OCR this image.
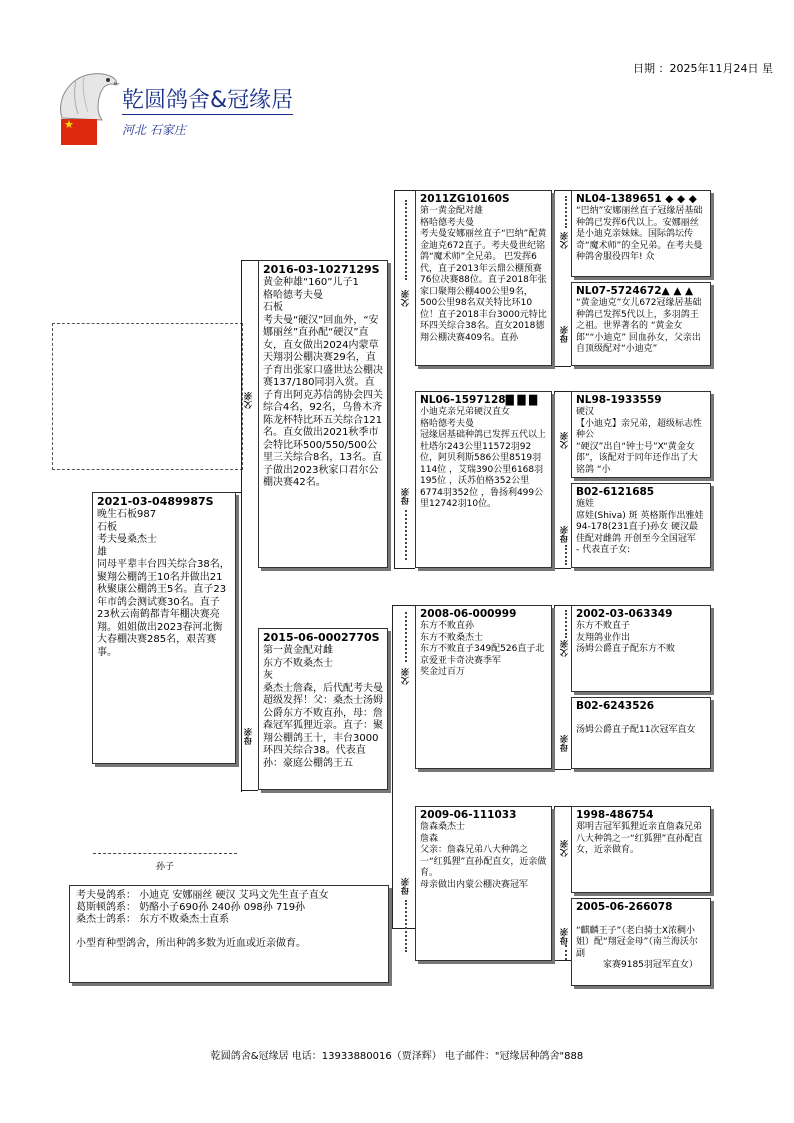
日期 ：2025年11月24日 星
乾圆鸽舍&冠缘居
★	河北 石家庄
父亲
母亲
父亲
母亲
父亲
母亲
父亲
母亲
父亲
母亲
父亲
母亲
父亲
母亲
2021-03-0489987S

晚生石板987

石板

考夫曼桑杰士

雄

同母平辈丰台四关综合38名，聚翔公棚鸽王10名并做出21秋聚康公棚鸽王5名。直子23年市鸽会测试赛30名。直子23秋云南鹤都青年棚决赛亮翔。姐姐做出2023春河北衡大春棚决赛285名，艰苦赛事。

2016-03-1027129S

黄金种雄“160”儿子1

格哈德考夫曼

石板

考夫曼“硬汉”回血外，“安娜丽丝”直孙配“硬汉”直女，直女做出2024内蒙草天翔羽公棚决赛29名，直子育出张家口盛世达公棚决赛137/180同羽入赏。直子育出阿克苏信鸽协会四关综合4名，92名，乌鲁木齐陈龙杯特比环五关综合121名。直女做出2021秋季市会特比环500/550/500公里三关综合8名，13名。直子做出2023秋家口君尔公棚决赛42名。

2015-06-0002770S

第一黄金配对雌

东方不败桑杰士

灰

桑杰士詹森，后代配考夫曼超级发挥！父：桑杰士汤姆公爵东方不败直孙，母：詹森冠军狐狸近亲。直子：聚翔公棚鸽王十，丰台3000环四关综合38。代表直孙：豪庭公棚鸽王五

2011ZG10160S

第一黄金配对雄

格哈德考夫曼

考夫曼安娜丽丝直子“巴纳”配黄金迪克672直子。考夫曼世纪铭鸽“魔术师”全兄弟。 巴发挥6代，直子2013年云鼎公棚预赛76位决赛88位。直子2018年张家口聚翔公棚400公里9名，500公里98名双关特比环10位！直子2018丰台3000元特比环四关综合38名。直女2018德翔公棚决赛409名。直孙

NL06-1597128▇ ▇ ▇

小迪克亲兄弟硬汉直女

格哈德考夫曼

冠缘居基础种鸽已发挥五代以上
杜塔尔243公里11572羽92位，阿贝利斯586公里8519羽114位 ，艾瑞390公里6168羽195位 ，沃苏伯格352公里6774羽352位 ，鲁扬利499公里12742羽10位。

2008-06-000999

东方不败直孙

东方不败桑杰士

东方不败直子349配526直子北京爱亚卡奇决赛季军
奖金过百万

2009-06-111033

詹森桑杰士

詹森

父亲：詹森兄弟八大种鸽之一“红狐狸”直孙配直女，近亲做育。
母亲做出内蒙公棚决赛冠军

NL04-1389651 ◆ ◆ ◆

“巴纳”安娜丽丝直子冠缘居基础种鸽已发挥6代以上。安娜丽丝是小迪克亲妹妹。国际鸽坛传奇“魔术师”的全兄弟。在考夫曼种鸽舍服役四年! 众

NL07-5724672▲ ▲ ▲

“黄金迪克”女儿672冠缘居基础种鸽已发挥5代以上，多羽鸽王之祖。世界著名的 “黄金女郎”“小迪克” 回血孙女，父亲出自顶级配对“小迪克”

NL98-1933559

硬汉
【小迪克】亲兄弟，超级标志性种公
“硬汉”出自“钟士号”X“黄金女郎”，该配对于同年还作出了大铭鸽 “小

B02-6121685

施娃
席娃(Shiva) 斑 英格斯作出雅娃 94-178(231直子)孙女 硬汉最佳配对雌鸽 开创至今全国冠军
- 代表直子女:

2002-03-063349

东方不败直子
友翔鸽业作出
汤姆公爵直子配东方不败

B02-6243526

汤姆公爵直子配11次冠军直女

1998-486754

郑明吉冠军狐狸近亲直詹森兄弟八大种鸽之一“红狐狸”直孙配直女，近亲做育。

2005-06-266078

“麒麟王子”（老白骑士X浓稠小姐）配“翔冠金母”（南兰海沃尔副
　　　家赛9185羽冠军直女）

孙子

考夫曼鸽系： 小迪克 安娜丽丝 硬汉 艾玛文先生直子直女

葛斯顿鸽系： 奶酪小子690孙 240孙 098孙 719孙

桑杰士鸽系： 东方不败桑杰士直系

小型育种型鸽舍，所出种鸽多数为近血或近亲做育。

乾圆鸽舍&冠缘居 电话：13933880016（贾泽辉） 电子邮件："冠缘居种鸽舍"888
